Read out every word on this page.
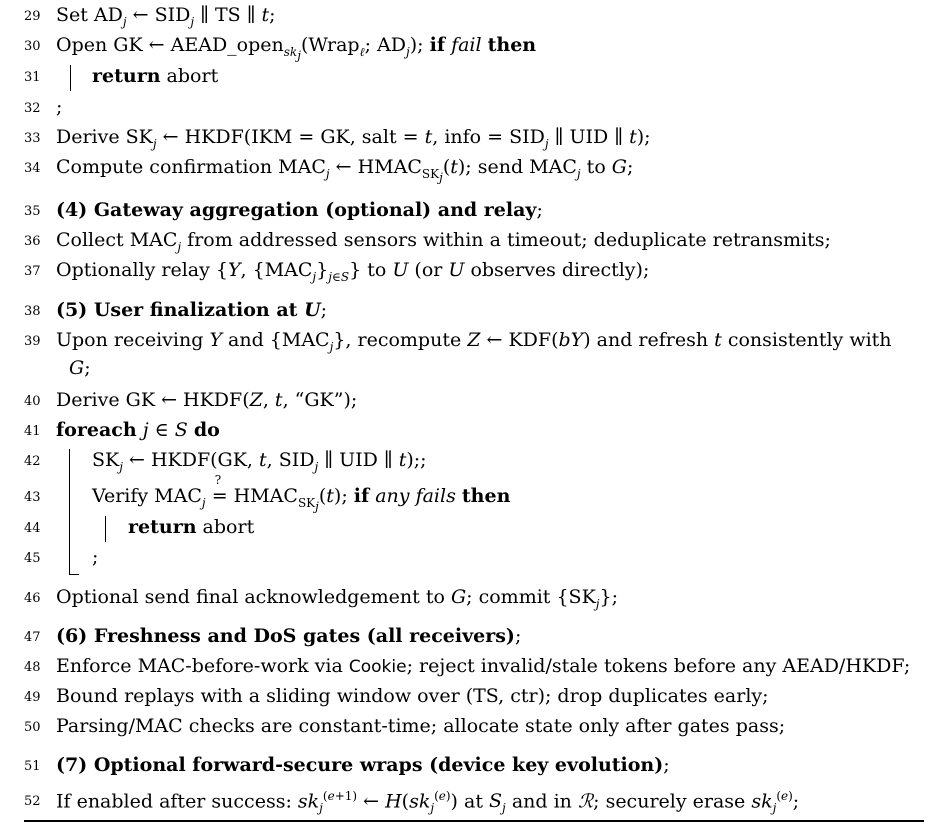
29 Set $AD_j$ ← $SID_j$ ∥ TS ∥ t;
30 Open GK ← AEAD_open$_{sk_j}$(Wrap$_\ell$; $AD_j$); if fail then
31	return abort
32 ;
33 Derive $SK_j$ ← HKDF(IKM = GK, salt = t, info = $SID_j$ ∥ UID ∥ t);
34 Compute confirmation $MAC_j$ ← $HMAC_{SK_j}(t)$; send $MAC_j$ to G;
35 (4) Gateway aggregation (optional) and relay;
36 Collect $MAC_j$ from addressed sensors within a timeout; deduplicate retransmits;
37 Optionally relay {Y, $\{MAC_j\}_{j\in S}$} to U (or U observes directly);
38 (5) User finalization at U;
39 Upon receiving Y and $\{MAC_j\}$, recompute Z ← KDF(bY) and refresh t consistently with
G;
40 Derive GK ← HKDF(Z, t, “GK”);
41 foreach j ∈ S do
42	$SK_j$ ← HKDF(GK, t, $SID_j$ ∥ UID ∥ t);;
43	Verify $MAC_j$ =
?
$HMAC_{SK_j}(t)$; if any fails then
44	return abort
45	;
46 Optional send final acknowledgement to G; commit $\{SK_j\}$;
47 (6) Freshness and DoS gates (all receivers);
48 Enforce MAC-before-work via Cookie; reject invalid/stale tokens before any AEAD/HKDF;
49 Bound replays with a sliding window over (TS, ctr); drop duplicates early;
50 Parsing/MAC checks are constant-time; allocate state only after gates pass;
51 (7) Optional forward-secure wraps (device key evolution);
52 If enabled after success: $sk_j^{(e+1)}$ ← $H(sk_j^{(e)})$ at $S_j$ and in ℛ; securely erase $sk_j^{(e)}$;
